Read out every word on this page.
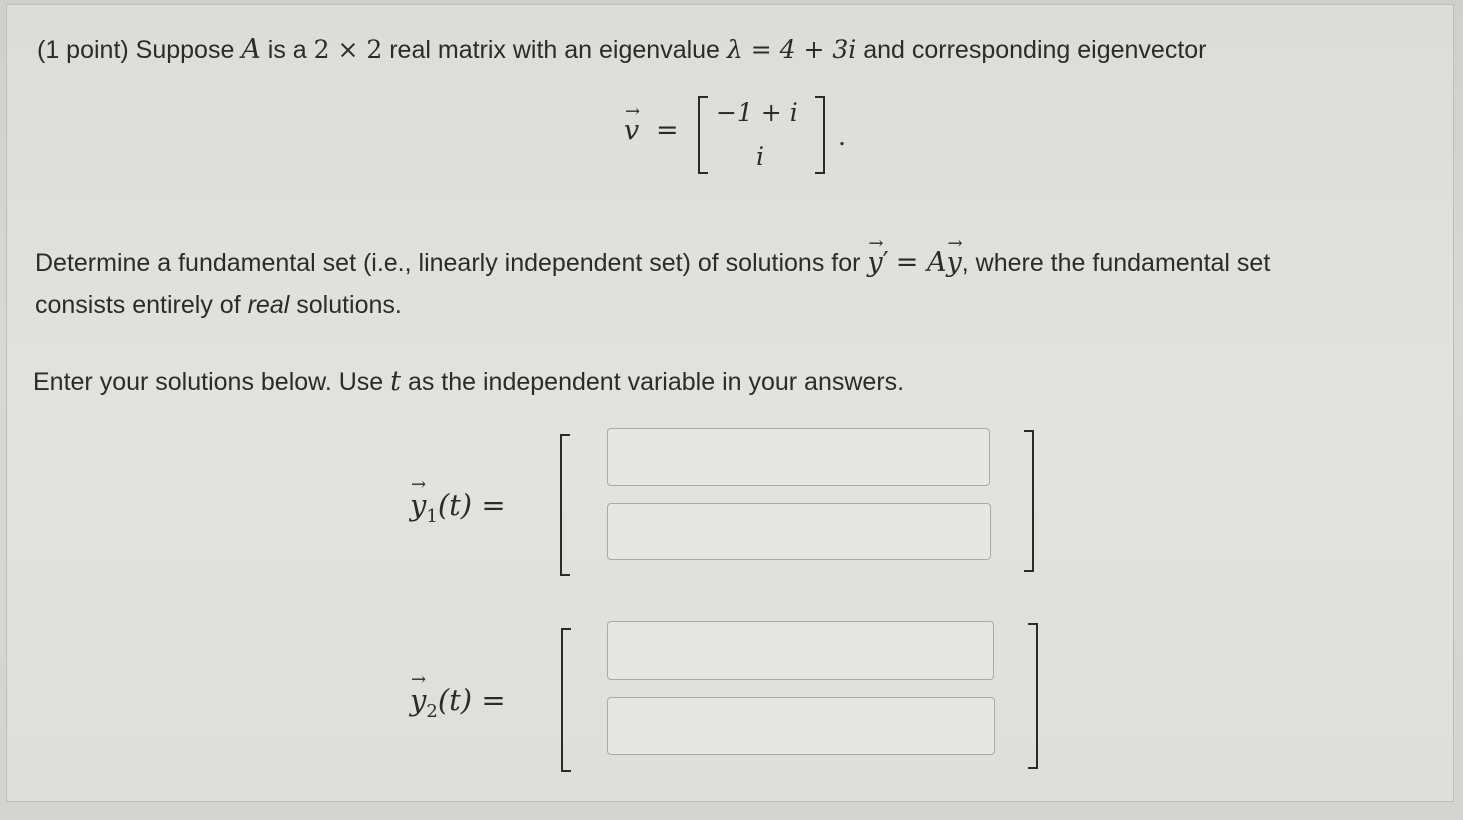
(1 point) Suppose A is a 2 × 2 real matrix with an eigenvalue λ = 4 + 3i and corresponding eigenvector
→ v =
−1 + i
i
.
Determine a fundamental set (i.e., linearly independent set) of solutions for → y′ = A→ y, where the fundamental set
consists entirely of real solutions.
Enter your solutions below. Use t as the independent variable in your answers.
→ $y_1(t)$ =
→ $y_2(t)$ =
